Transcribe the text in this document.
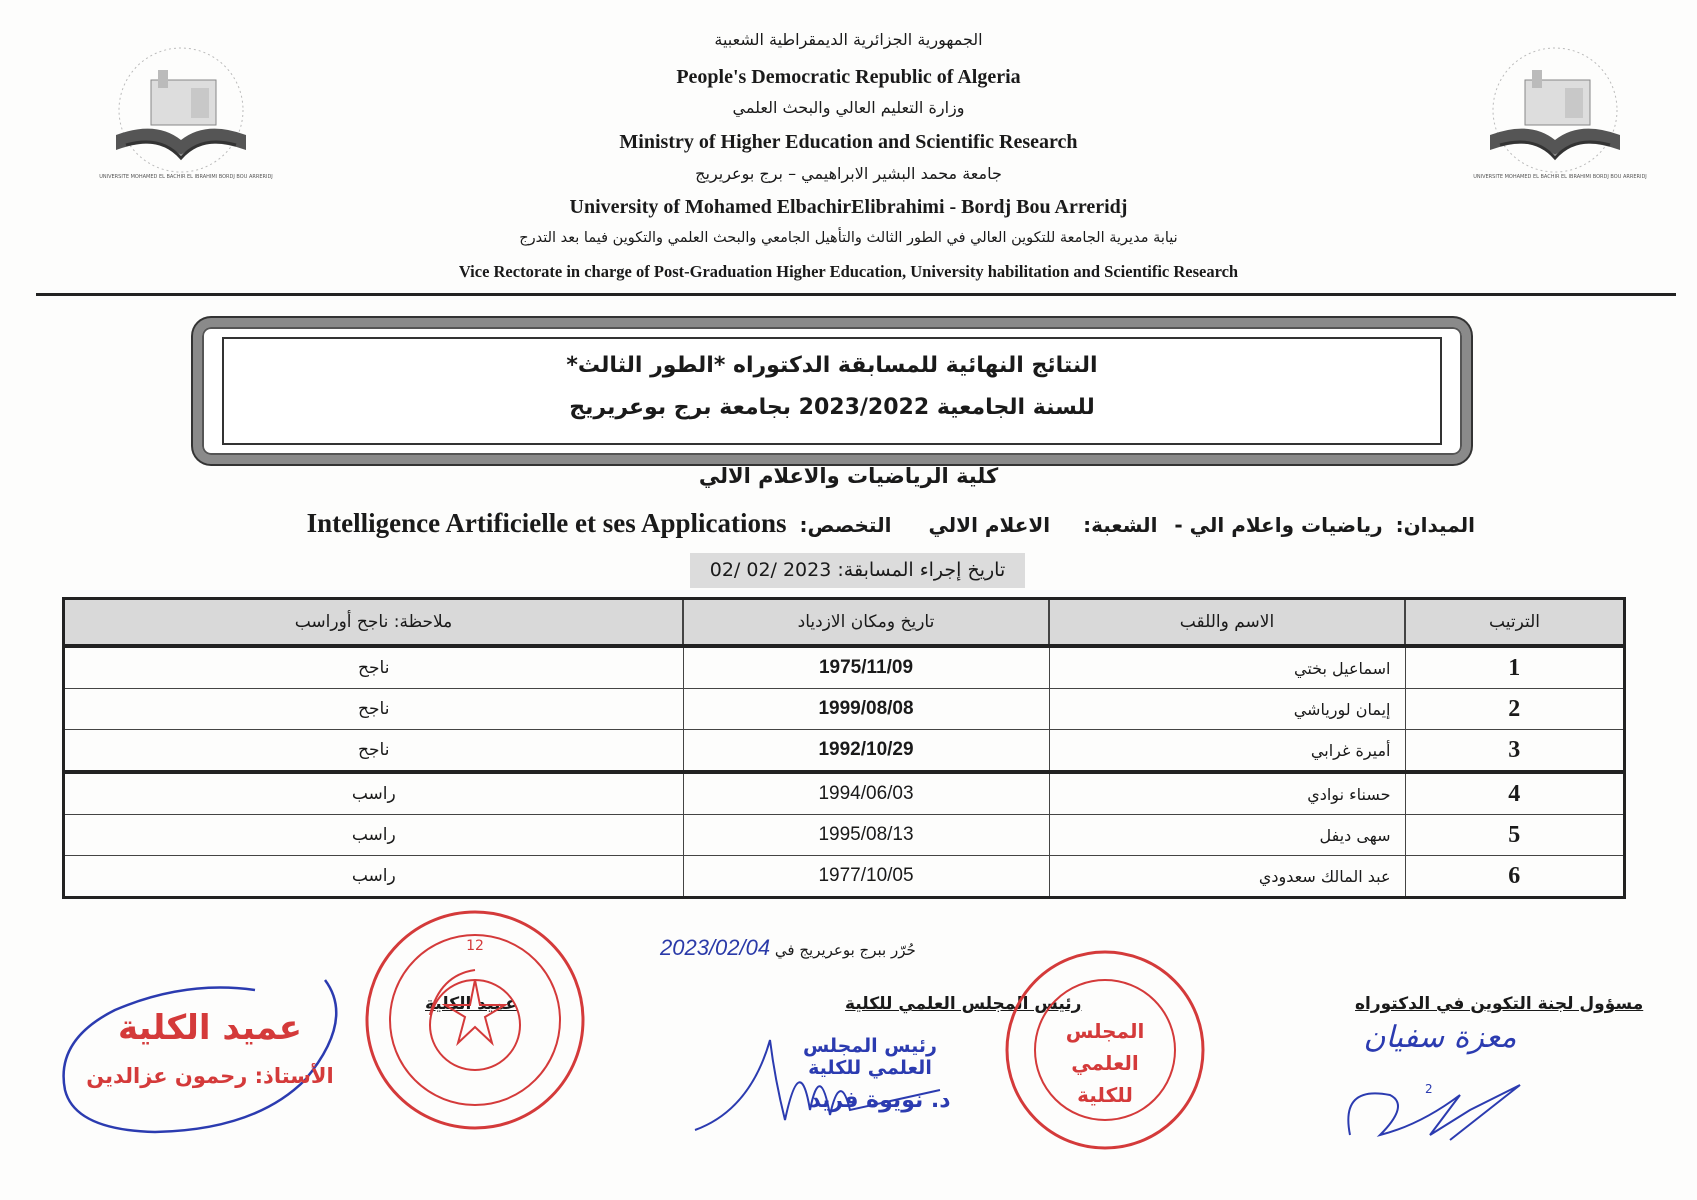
UNIVERSITE MOHAMED EL BACHIR EL IBRAHIMI BORDJ BOU ARRERIDJ	UNIVERSITE MOHAMED EL BACHIR EL IBRAHIMI BORDJ BOU ARRERIDJ
الجمهورية الجزائرية الديمقراطية الشعبية
People's Democratic Republic of Algeria
وزارة التعليم العالي والبحث العلمي
Ministry of Higher Education and Scientific Research
جامعة محمد البشير الابراهيمي – برج بوعريريج
University of Mohamed ElbachirElibrahimi - Bordj Bou Arreridj
نيابة مديرية الجامعة للتكوين العالي في الطور الثالث والتأهيل الجامعي والبحث العلمي والتكوين فيما بعد التدرج
Vice Rectorate in charge of Post-Graduation Higher Education, University habilitation and Scientific Research
النتائج النهائية للمسابقة الدكتوراه *الطور الثالث*
للسنة الجامعية 2023/2022 بجامعة برج بوعريريج
كلية الرياضيات والاعلام الالي
الميدان: رياضيات واعلام الي - الشعبة: الاعلام الالي التخصص: Intelligence Artificielle et ses Applications
تاريخ إجراء المسابقة: 02/ 02/ 2023
الترتيب	الاسم واللقب	تاريخ ومكان الازدياد	ملاحظة: ناجح أوراسب
1	اسماعيل بختي	1975/11/09	ناجح
2	إيمان لورياشي	1999/08/08	ناجح
3	أميرة غرابي	1992/10/29	ناجح
4	حسناء نوادي	1994/06/03	راسب
5	سهى ديفل	1995/08/13	راسب
6	عبد المالك سعدودي	1977/10/05	راسب
حُرّر ببرج بوعريريج في 2023/02/04
عميد الكلية	رئيس المجلس العلمي للكلية	مسؤول لجنة التكوين في الدكتوراه
عميد الكلية
الأستاذ: رحمون عزالدين
12
رئيس المجلس العلمي للكلية
د. نويوة فريد
المجلس العلمي للكلية
معزة سفيان
2
